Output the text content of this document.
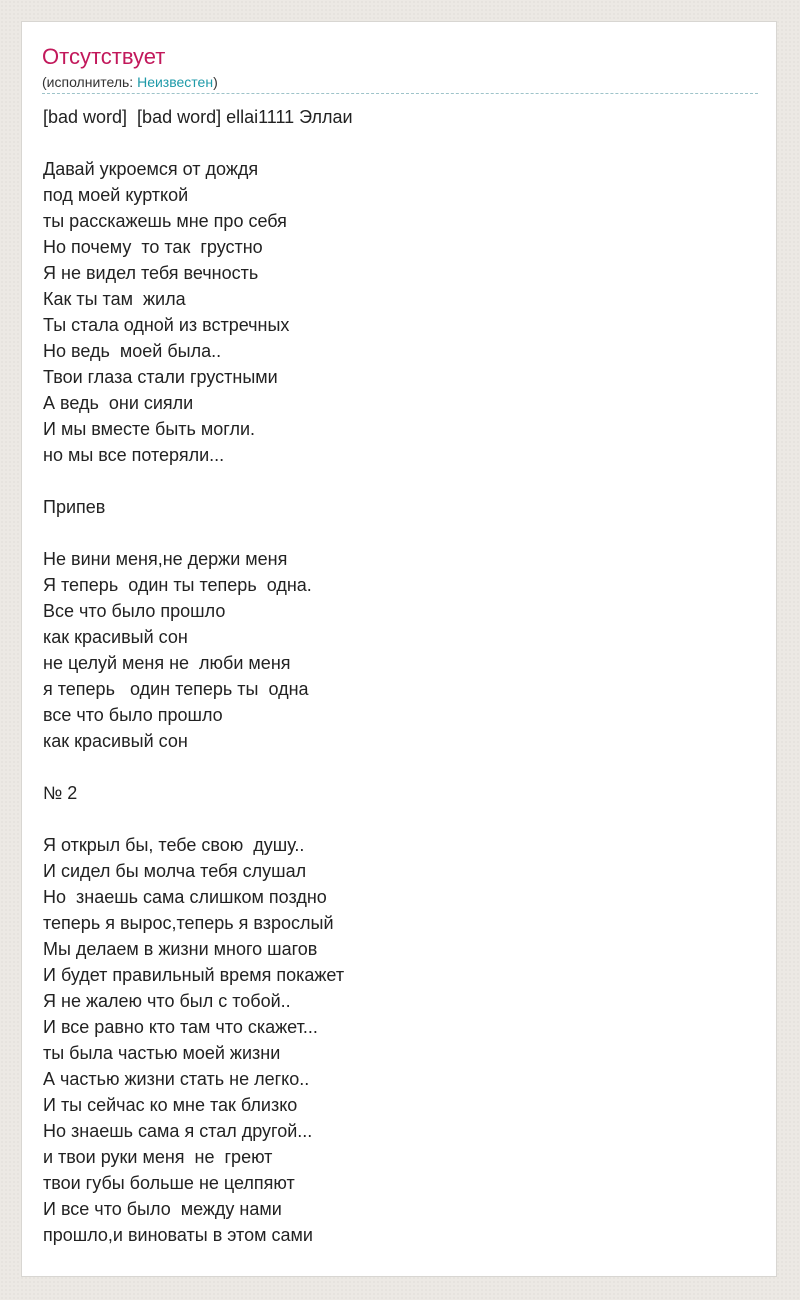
Отсутствует
(исполнитель: Неизвестен)
[bad word]  [bad word] ellai1111 Эллаи

Давай укроемся от дождя
под моей курткой
ты расскажешь мне про себя
Но почему  то так  грустно
Я не видел тебя вечность
Как ты там  жила
Ты стала одной из встречных
Но ведь  моей была..
Твои глаза стали грустными
А ведь  они сияли
И мы вместе быть могли.
но мы все потеряли...

Припев

Не вини меня,не держи меня
Я теперь  один ты теперь  одна.
Все что было прошло
как красивый сон
не целуй меня не  люби меня
я теперь   один теперь ты  одна
все что было прошло
как красивый сон

№ 2

Я открыл бы, тебе свою  душу..
И сидел бы молча тебя слушал
Но  знаешь сама слишком поздно
теперь я вырос,теперь я взрослый
Мы делаем в жизни много шагов
И будет правильный время покажет
Я не жалею что был с тобой..
И все равно кто там что скажет...
ты была частью моей жизни
А частью жизни стать не легко..
И ты сейчас ко мне так близко
Но знаешь сама я стал другой...
и твои руки меня  не  греют
твои губы больше не целпяют
И все что было  между нами
прошло,и виноваты в этом сами
